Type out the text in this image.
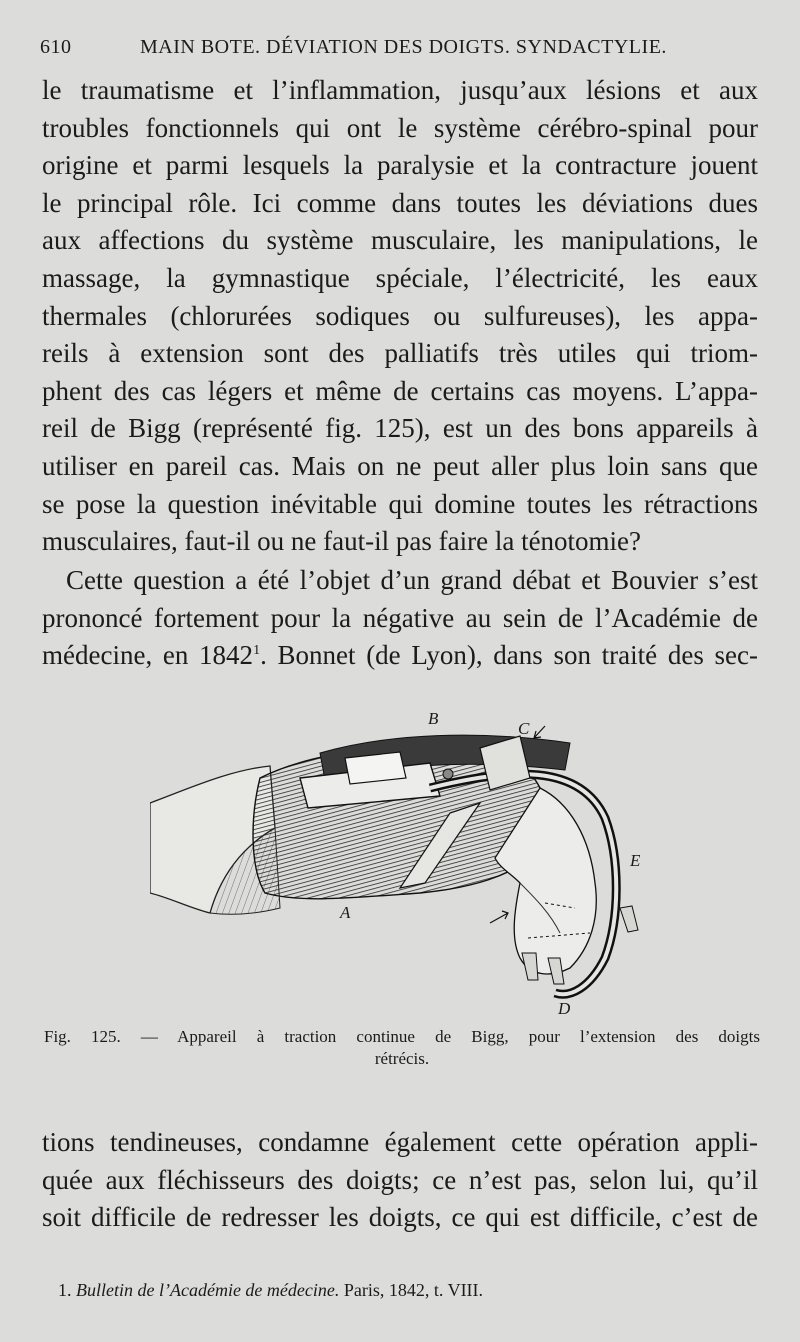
610	MAIN BOTE. DÉVIATION DES DOIGTS. SYNDACTYLIE.
le traumatisme et l’inflammation, jusqu’aux lésions et aux
troubles fonctionnels qui ont le système cérébro-spinal pour
origine et parmi lesquels la paralysie et la contracture jouent
le principal rôle. Ici comme dans toutes les déviations dues
aux affections du système musculaire, les manipulations, le
massage, la gymnastique spéciale, l’électricité, les eaux
thermales (chlorurées sodiques ou sulfureuses), les appa-
reils à extension sont des palliatifs très utiles qui triom-
phent des cas légers et même de certains cas moyens. L’appa-
reil de Bigg (représenté fig. 125), est un des bons appareils à
utiliser en pareil cas. Mais on ne peut aller plus loin sans que
se pose la question inévitable qui domine toutes les rétractions
musculaires, faut-il ou ne faut-il pas faire la ténotomie?
Cette question a été l’objet d’un grand débat et Bouvier s’est
prononcé fortement pour la négative au sein de l’Académie de
médecine, en 1842$^1$. Bonnet (de Lyon), dans son traité des sec-
B
C
A
E
D
Fig. 125. — Appareil à traction continue de Bigg, pour l’extension des doigts
rétrécis.
tions tendineuses, condamne également cette opération appli-
quée aux fléchisseurs des doigts; ce n’est pas, selon lui, qu’il
soit difficile de redresser les doigts, ce qui est difficile, c’est de
1. Bulletin de l’Académie de médecine. Paris, 1842, t. VIII.
